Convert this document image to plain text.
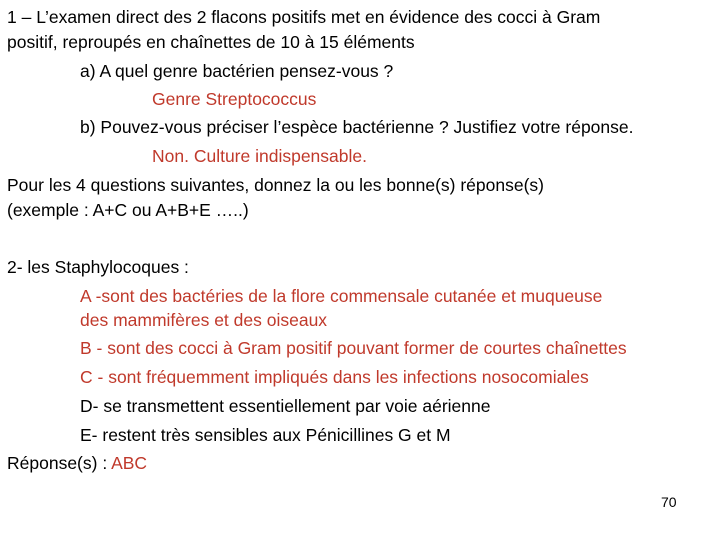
1 – L’examen direct des 2 flacons positifs met en évidence des cocci à Gram
positif, reproupés en chaînettes de 10 à 15 éléments
a) A quel genre bactérien pensez-vous ?
Genre Streptococcus
b) Pouvez-vous préciser l’espèce bactérienne ? Justifiez votre réponse.
Non. Culture indispensable.
Pour les 4 questions suivantes, donnez la ou les bonne(s) réponse(s)
(exemple : A+C ou A+B+E …..)
2- les Staphylocoques :
A -sont des bactéries de la flore commensale cutanée et muqueuse
des mammifères et des oiseaux
B - sont des cocci à Gram positif pouvant former de courtes chaînettes
C - sont fréquemment impliqués dans les infections nosocomiales
D- se transmettent essentiellement par voie aérienne
E- restent très sensibles aux Pénicillines G et M
Réponse(s) : ABC
70
